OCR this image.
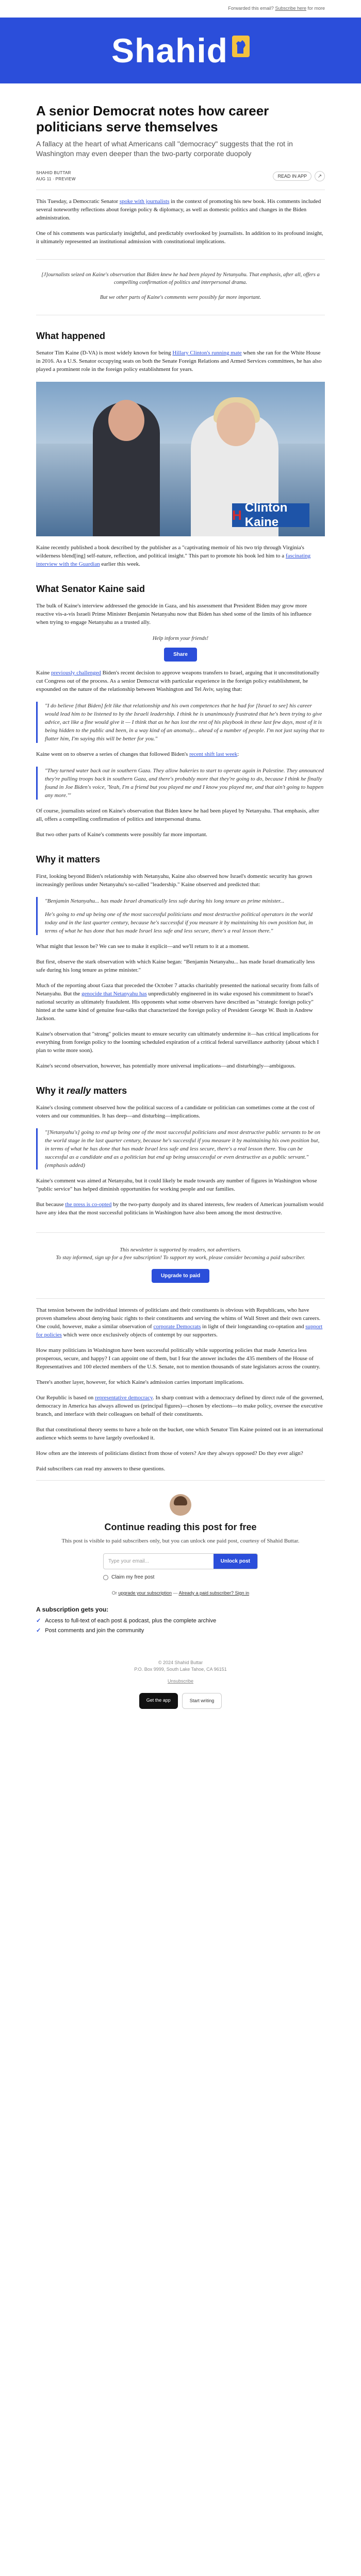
Forwarded this email? Subscribe here for more
Shahid
A senior Democrat notes how career politicians serve themselves
A fallacy at the heart of what Americans call "democracy" suggests that the rot in Washington may even deeper than the two-party corporate duopoly
SHAHID BUTTAR
AUG 11 · PREVIEW
READ IN APP	↗

This Tuesday, a Democratic Senator spoke with journalists in the context of promoting his new book. His comments included several noteworthy reflections about foreign policy & diplomacy, as well as domestic politics and changes in the Biden administration.

One of his comments was particularly insightful, and predictably overlooked by journalists. In addition to its profound insight, it ultimately represented an institutional admission with constitutional implications.

[J]ournalists seized on Kaine's observation that Biden knew he had been played by Netanyahu. That emphasis, after all, offers a compelling confirmation of politics and interpersonal drama.
But we other parts of Kaine's comments were possibly far more important.
What happened

Senator Tim Kaine (D-VA) is most widely known for being Hillary Clinton's running mate when she ran for the White House in 2016. As a U.S. Senator occupying seats on both the Senate Foreign Relations and Armed Services committees, he has also played a prominent role in the foreign policy establishment for years.

H Clinton Kaine

Kaine recently published a book described by the publisher as a "captivating memoir of his two trip through Virginia's wilderness blend[ing] self-nature, reflection, and political insight." This part to promote his book led him to a fascinating interview with the Guardian earlier this week.

What Senator Kaine said

The bulk of Kaine's interview addressed the genocide in Gaza, and his assessment that President Biden may grow more reactive vis-a-vis Israeli Prime Minister Benjamin Netanyahu now that Biden has shed some of the limits of his influence when trying to engage Netanyahu as a trusted ally.

Help inform your friends!
Share

Kaine previously challenged Biden's recent decision to approve weapons transfers to Israel, arguing that it unconstitutionally cut Congress out of the process. As a senior Democrat with particular experience in the foreign policy establishment, he expounded on the nature of the relationship between Washington and Tel Aviv, saying that:

"I do believe [that Biden] felt like that relationship and his own competences that he had for [Israel to see] his career would lead him to be listened to by the Israeli leadership. I think he is unanimously frustrated that he's been trying to give advice, act like a fine would give it — I think that as he has lost the rest of his playbook in these last few days, most of it is being hidden to the public and been, in a way kind of an anomaly... ahead of a number of people. I'm not just saying that to flatter him, I'm saying this will be better for you."

Kaine went on to observe a series of changes that followed Biden's recent shift last week:

"They turned water back out in southern Gaza. They allow bakeries to start to operate again in Palestine. They announced they're pulling troops back in southern Gaza, and there's probably more that they're going to do, because I think he finally found in Joe Biden's voice, 'Yeah, I'm a friend but you played me and I know you played me, and that ain't going to happen any more.'"

Of course, journalists seized on Kaine's observation that Biden knew he had been played by Netanyahu. That emphasis, after all, offers a compelling confirmation of politics and interpersonal drama.

But two other parts of Kaine's comments were possibly far more important.

Why it matters

First, looking beyond Biden's relationship with Netanyahu, Kaine also observed how Israel's domestic security has grown increasingly perilous under Netanyahu's so-called "leadership." Kaine observed and predicted that:

"Benjamin Netanyahu... has made Israel dramatically less safe during his long tenure as prime minister...

He's going to end up being one of the most successful politicians and most destructive political operators in the world today and in the last quarter century, because he's successful if you measure it by maintaining his own position but, in terms of what he has done that has made Israel less safe and less secure, there's a real lesson there."

What might that lesson be? We can see to make it explicit—and we'll return to it at a moment.

But first, observe the stark observation with which Kaine began: "Benjamin Netanyahu... has made Israel dramatically less safe during his long tenure as prime minister."

Much of the reporting about Gaza that preceded the October 7 attacks charitably presented the national security from falls of Netanyahu. But the genocide that Netanyahu has unpredictably engineered in its wake exposed his commitment to Israel's national security as ultimately fraudulent. His opponents what some observers have described as "strategic foreign policy" hinted at the same kind of genuine fear-talks that characterized the foreign policy of President George W. Bush in Andrew Jackson.

Kaine's observation that "strong" policies meant to ensure security can ultimately undermine it—has critical implications for everything from foreign policy to the looming scheduled expiration of a critical federal surveillance authority (about which I plan to write more soon).

Kaine's second observation, however, has potentially more universal implications—and disturbingly—ambiguous.

Why it really matters

Kaine's closing comment observed how the political success of a candidate or politician can sometimes come at the cost of voters and our communities. It has deep—and disturbing—implications.

"[Netanyahu's] going to end up being one of the most successful politicians and most destructive public servants to be on the world stage in the last quarter century, because he's successful if you measure it by maintaining his own position but, in terms of what he has done that has made Israel less safe and less secure, there's a real lesson there. You can be successful as a candidate and as a politician but end up being unsuccessful or even destructive as a public servant." (emphasis added)

Kaine's comment was aimed at Netanyahu, but it could likely be made towards any number of figures in Washington whose "public service" has helped diminish opportunities for working people and our families.

But because the press is co-opted by the two-party duopoly and its shared interests, few readers of American journalism would have any idea that the most successful politicians in Washington have also been among the most destructive.

This newsletter is supported by readers, not advertisers.
To stay informed, sign up for a free subscription! To support my work, please consider becoming a paid subscriber.
Upgrade to paid

That tension between the individual interests of politicians and their constituents is obvious with Republicans, who have proven shameless about denying basic rights to their constituents and serving the whims of Wall Street and their own careers. One could, however, make a similar observation of corporate Democrats in light of their longstanding co-optation and support for policies which were once exclusively objects of contempt by our supporters.

How many politicians in Washington have been successful politically while supporting policies that made America less prosperous, secure, and happy? I can appoint one of them, but I fear the answer includes the 435 members of the House of Representatives and 100 elected members of the U.S. Senate, not to mention thousands of state legislators across the country.

There's another layer, however, for which Kaine's admission carries important implications.

Our Republic is based on representative democracy. In sharp contrast with a democracy defined by direct rule of the governed, democracy in America has always allowed us (principal figures)—chosen by elections—to make policy, oversee the executive branch, and interface with their colleagues on behalf of their constituents.

But that constitutional theory seems to have a hole on the bucket, one which Senator Tim Kaine pointed out in an international audience which seems to have largely overlooked it.

How often are the interests of politicians distinct from those of voters? Are they always opposed? Do they ever align?

Paid subscribers can read my answers to these questions.

Continue reading this post for free
This post is visible to paid subscribers only, but you can unlock one paid post, courtesy of Shahid Buttar.
Type your email...	Unlock post
Claim my free post
Or upgrade your subscription — Already a paid subscriber? Sign in
A subscription gets you:
✓ Access to full-text of each post & podcast, plus the complete archive
✓ Post comments and join the community
© 2024 Shahid Buttar
P.O. Box 9999, South Lake Tahoe, CA 96151
Unsubscribe
Get the app	Start writing
